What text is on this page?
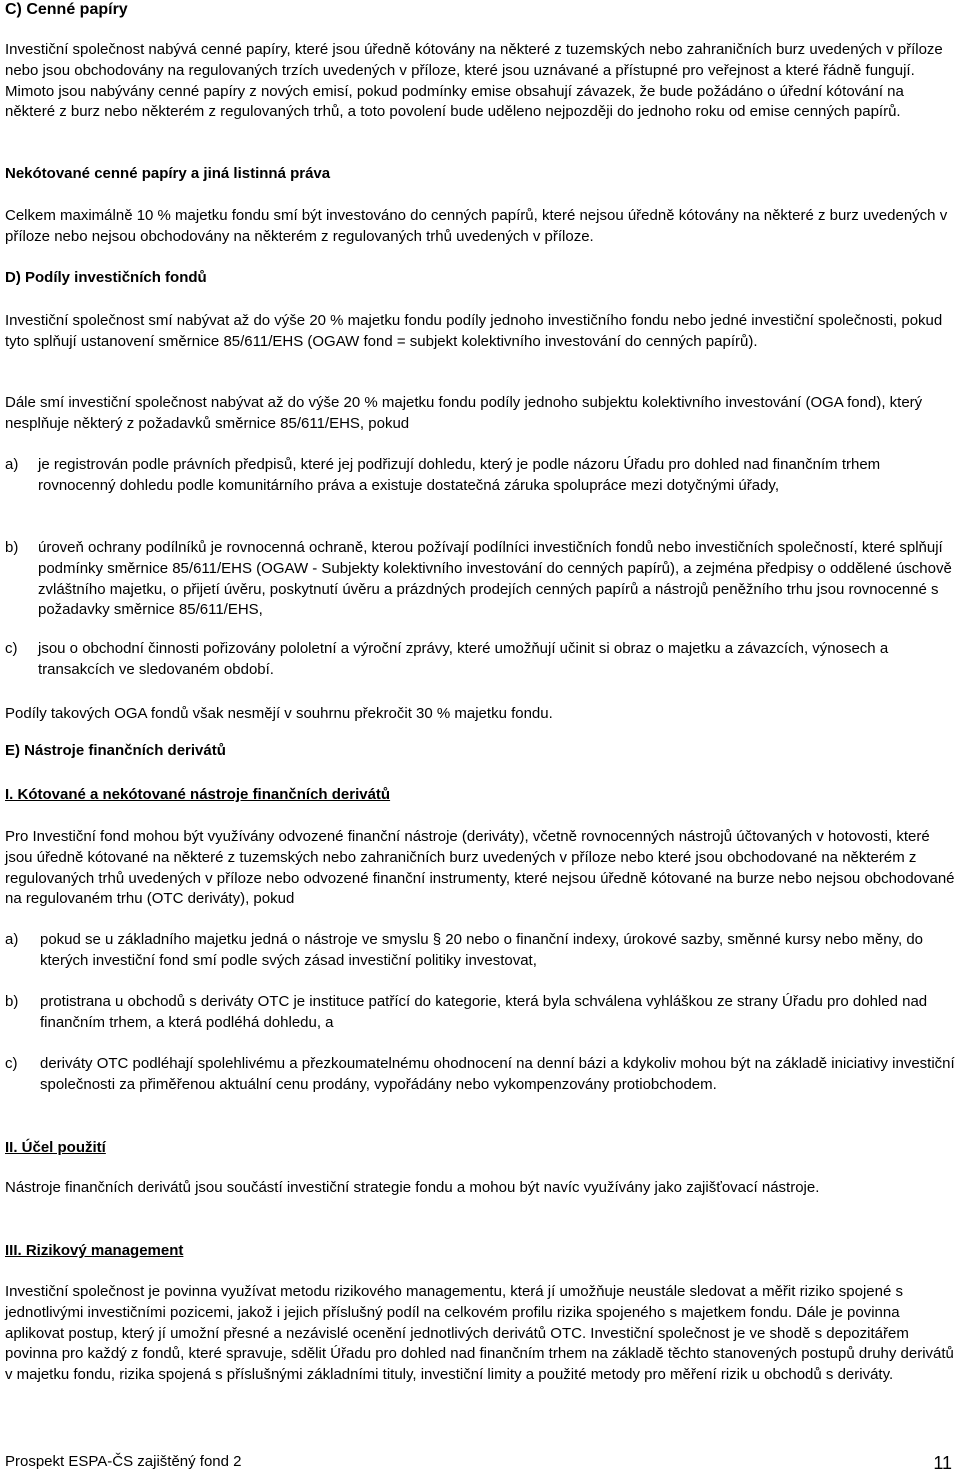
C) Cenné papíry

Investiční společnost nabývá cenné papíry, které jsou úředně kótovány na některé z tuzemských nebo zahraničních burz uvedených v příloze nebo jsou obchodovány na regulovaných trzích uvedených v příloze, které jsou uznávané a přístupné pro veřejnost a které řádně fungují. Mimoto jsou nabývány cenné papíry z nových emisí, pokud podmínky emise obsahují závazek, že bude požádáno o úřední kótování na některé z burz nebo některém z regulovaných trhů, a toto povolení bude uděleno nejpozději do jednoho roku od emise cenných papírů.

Nekótované cenné papíry a jiná listinná práva

Celkem maximálně 10 % majetku fondu smí být investováno do cenných papírů, které nejsou úředně kótovány na některé z burz uvedených v příloze nebo nejsou obchodovány na některém z regulovaných trhů uvedených v příloze.

D) Podíly investičních fondů

Investiční společnost smí nabývat až do výše 20 % majetku fondu podíly jednoho investičního fondu nebo jedné investiční společnosti, pokud tyto splňují ustanovení směrnice 85/611/EHS (OGAW fond = subjekt kolektivního investování do cenných papírů).

Dále smí investiční společnost nabývat až do výše 20 % majetku fondu podíly jednoho subjektu kolektivního investování (OGA fond), který nesplňuje některý z požadavků směrnice 85/611/EHS, pokud

a)	je registrován podle právních předpisů, které jej podřizují dohledu, který je podle názoru Úřadu pro dohled nad finančním trhem rovnocenný dohledu podle komunitárního práva a existuje dostatečná záruka spolupráce mezi dotyčnými úřady,
b)	úroveň ochrany podílníků je rovnocenná ochraně, kterou požívají podílníci investičních fondů nebo investičních společností, které splňují podmínky směrnice 85/611/EHS (OGAW - Subjekty kolektivního investování do cenných papírů), a zejména předpisy o oddělené úschově zvláštního majetku, o přijetí úvěru, poskytnutí úvěru a prázdných prodejích cenných papírů a nástrojů peněžního trhu jsou rovnocenné s požadavky směrnice 85/611/EHS,
c)	jsou o obchodní činnosti pořizovány pololetní a výroční zprávy, které umožňují učinit si obraz o majetku a závazcích, výnosech a transakcích ve sledovaném období.

Podíly takových OGA fondů však nesmějí v souhrnu překročit 30 % majetku fondu.

E) Nástroje finančních derivátů
I. Kótované a nekótované nástroje finančních derivátů

Pro Investiční fond mohou být využívány odvozené finanční nástroje (deriváty), včetně rovnocenných nástrojů účtovaných v hotovosti, které jsou úředně kótované na některé z tuzemských nebo zahraničních burz uvedených v příloze nebo které jsou obchodované na některém z regulovaných trhů uvedených v příloze nebo odvozené finanční instrumenty, které nejsou úředně kótované na burze nebo nejsou obchodované na regulovaném trhu (OTC deriváty), pokud

a)	pokud se u základního majetku jedná o nástroje ve smyslu § 20 nebo o finanční indexy, úrokové sazby, směnné kursy nebo měny, do kterých investiční fond smí podle svých zásad investiční politiky investovat,
b)	protistrana u obchodů s deriváty OTC je instituce patřící do kategorie, která byla schválena vyhláškou ze strany Úřadu pro dohled nad finančním trhem, a která podléhá dohledu, a
c)	deriváty OTC podléhají spolehlivému a přezkoumatelnému ohodnocení na denní bázi a kdykoliv mohou být na základě iniciativy investiční společnosti za přiměřenou aktuální cenu prodány, vypořádány nebo vykompenzovány protiobchodem.
II. Účel použití

Nástroje finančních derivátů jsou součástí investiční strategie fondu a mohou být navíc využívány jako zajišťovací nástroje.

III. Rizikový management

Investiční společnost je povinna využívat metodu rizikového managementu, která jí umožňuje neustále sledovat a měřit riziko spojené s jednotlivými investičními pozicemi, jakož i jejich příslušný podíl na celkovém profilu rizika spojeného s majetkem fondu. Dále je povinna aplikovat postup, který jí umožní přesné a nezávislé ocenění jednotlivých derivátů OTC. Investiční společnost je ve shodě s depozitářem povinna pro každý z fondů, které spravuje, sdělit Úřadu pro dohled nad finančním trhem na základě těchto stanovených postupů druhy derivátů v majetku fondu, rizika spojená s příslušnými základními tituly, investiční limity a použité metody pro měření rizik u obchodů s deriváty.

Prospekt ESPA-ČS zajištěný fond 2	11
